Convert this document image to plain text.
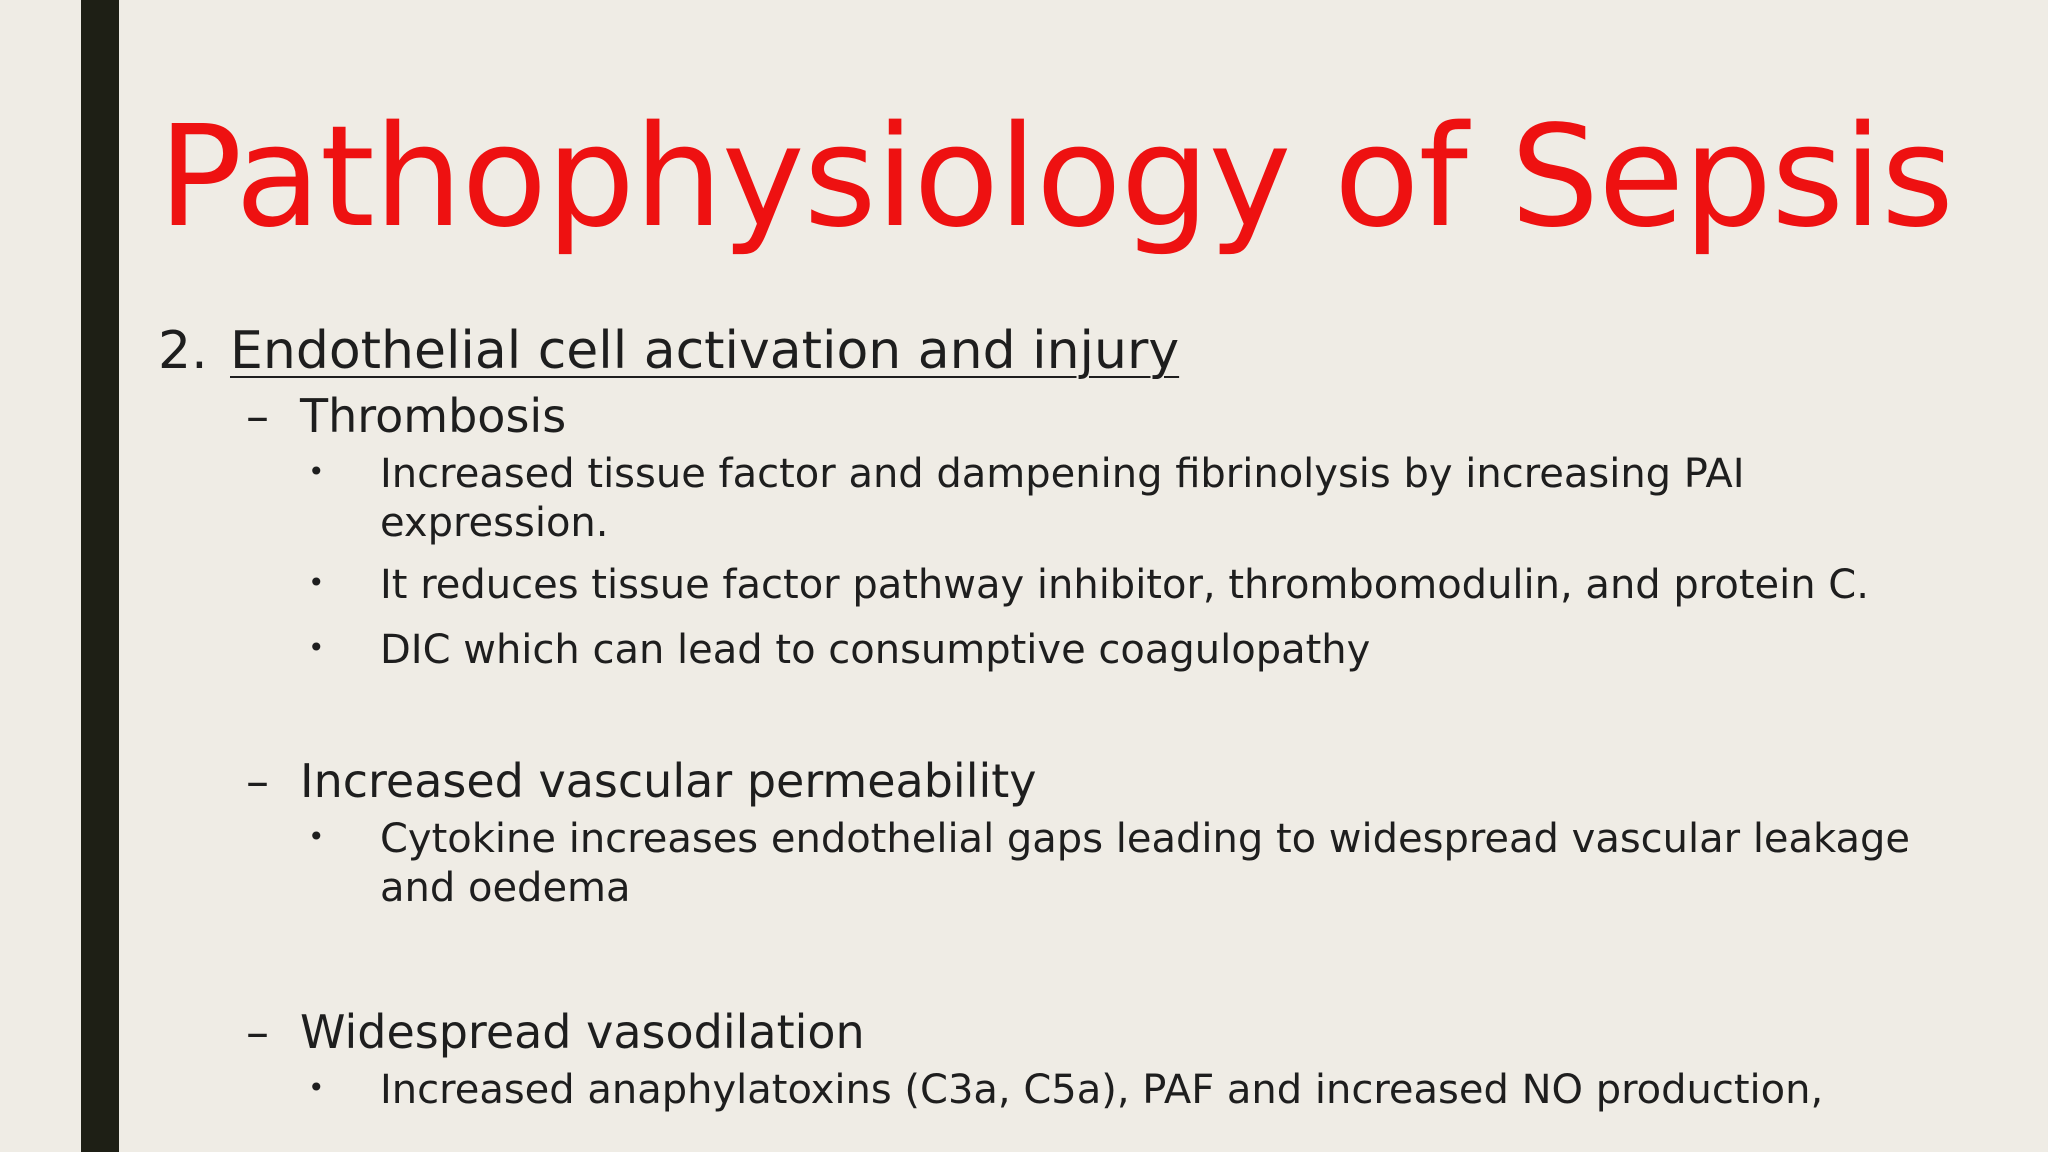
Pathophysiology of Sepsis
2. Endothelial cell activation and injury
– Thrombosis
•	Increased tissue factor and dampening fibrinolysis by increasing PAI expression.
•	It reduces tissue factor pathway inhibitor, thrombomodulin, and protein C.
•	DIC which can lead to consumptive coagulopathy
– Increased vascular permeability
•	Cytokine increases endothelial gaps leading to widespread vascular leakage and oedema
– Widespread vasodilation
•	Increased anaphylatoxins (C3a, C5a), PAF and increased NO production,
